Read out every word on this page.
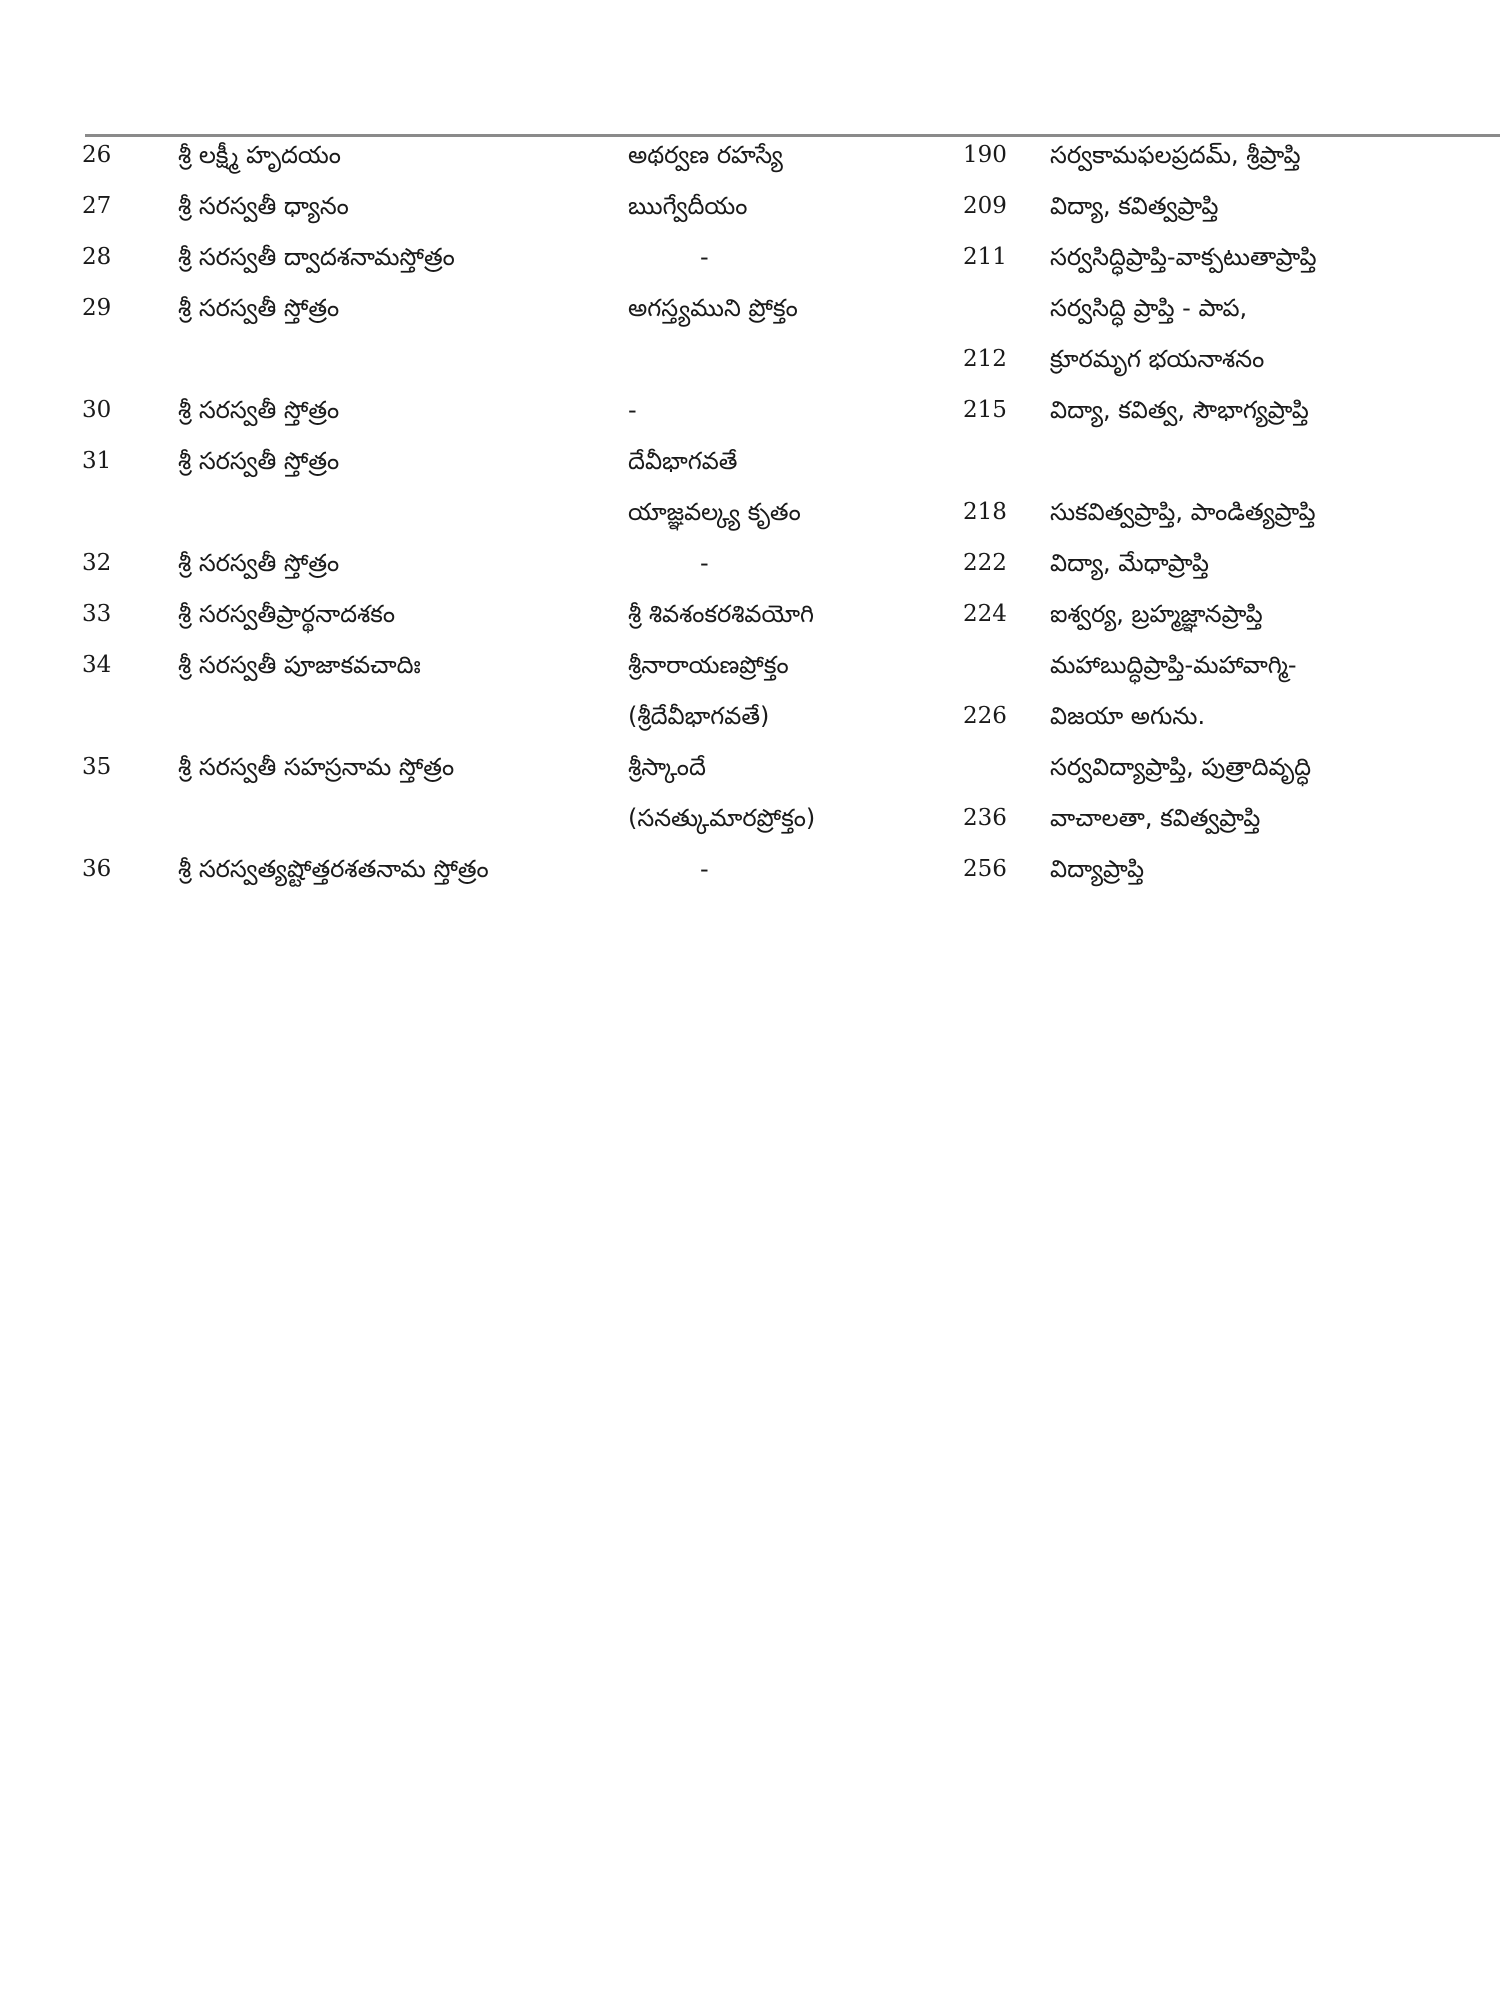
26	శ్రీ లక్ష్మీ హృదయం	అథర్వణ రహస్యే	190 సర్వకామఫలప్రదమ్, శ్రీప్రాప్తి
27	శ్రీ సరస్వతీ ధ్యానం	ఋగ్వేదీయం	209 విద్యా, కవిత్వప్రాప్తి
28	శ్రీ సరస్వతీ ద్వాదశనామస్తోత్రం	-	211 సర్వసిద్ధిప్రాప్తి-వాక్పటుతాప్రాప్తి
29	శ్రీ సరస్వతీ స్తోత్రం	అగస్త్యముని ప్రోక్తం	సర్వసిద్ధి ప్రాప్తి - పాప,
212 క్రూరమృగ భయనాశనం
30	శ్రీ సరస్వతీ స్తోత్రం	-	215 విద్యా, కవిత్వ, సౌభాగ్యప్రాప్తి
31	శ్రీ సరస్వతీ స్తోత్రం	దేవీభాగవతే
యాజ్ఞవల్క్య కృతం	218 సుకవిత్వప్రాప్తి, పాండిత్యప్రాప్తి
32	శ్రీ సరస్వతీ స్తోత్రం	-	222 విద్యా, మేధాప్రాప్తి
33	శ్రీ సరస్వతీప్రార్థనాదశకం	శ్రీ శివశంకరశివయోగి	224 ఐశ్వర్య, బ్రహ్మజ్ఞానప్రాప్తి
34	శ్రీ సరస్వతీ పూజాకవచాదిః	శ్రీనారాయణప్రోక్తం	మహాబుద్ధిప్రాప్తి-మహావాగ్మి-
(శ్రీదేవీభాగవతే)	226 విజయా అగును.
35	శ్రీ సరస్వతీ సహస్రనామ స్తోత్రం	శ్రీస్కాందే	సర్వవిద్యాప్రాప్తి, పుత్రాదివృద్ధి
(సనత్కుమారప్రోక్తం)	236 వాచాలతా, కవిత్వప్రాప్తి
36	శ్రీ సరస్వత్యష్టోత్తరశతనామ స్తోత్రం	-	256 విద్యాప్రాప్తి
